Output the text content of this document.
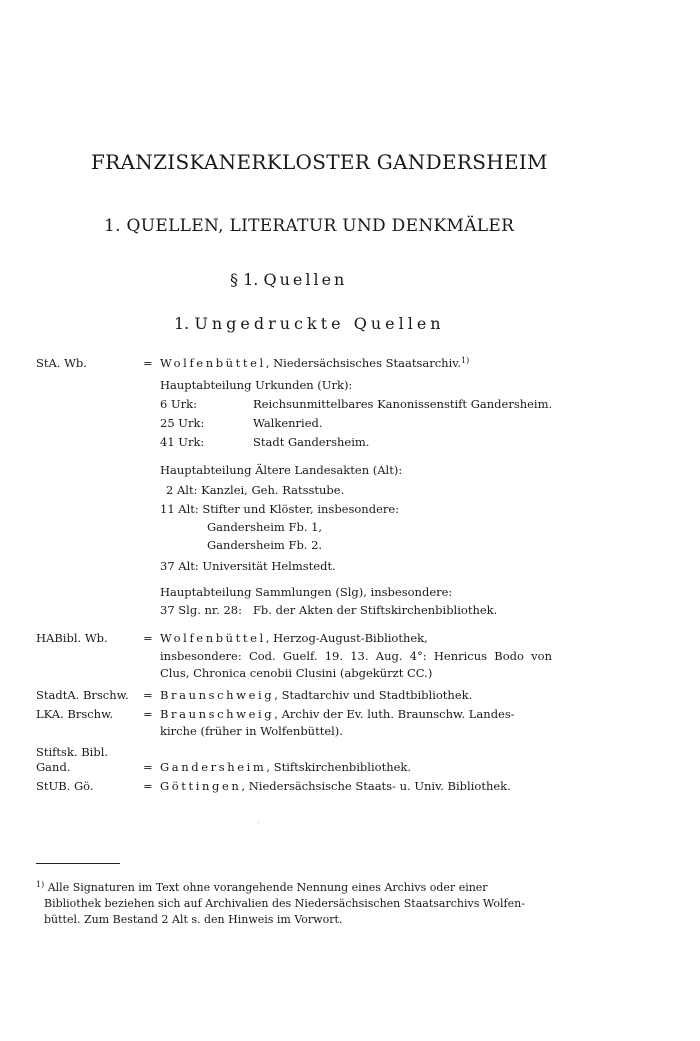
FRANZISKANERKLOSTER GANDERSHEIM
1. QUELLEN, LITERATUR UND DENKMÄLER
§ 1. Quellen
1. Ungedruckte Quellen
StA. Wb.	= Wolfenbüttel, Niedersächsisches Staatsarchiv.$^{1)}$
Hauptabteilung Urkunden (Urk):
6 Urk:	Reichsunmittelbares Kanonissenstift Gandersheim.
25 Urk:	Walkenried.
41 Urk:	Stadt Gandersheim.
Hauptabteilung Ältere Landesakten (Alt):
2 Alt: Kanzlei, Geh. Ratsstube.
11 Alt: Stifter und Klöster, insbesondere:
Gandersheim Fb. 1,
Gandersheim Fb. 2.
37 Alt: Universität Helmstedt.
Hauptabteilung Sammlungen (Slg), insbesondere:
37 Slg. nr. 28:   Fb. der Akten der Stiftskirchenbibliothek.
HABibl. Wb.	= Wolfenbüttel, Herzog-August-Bibliothek,
insbesondere: Cod. Guelf. 19. 13. Aug. 4°: Henricus Bodo von
Clus, Chronica cenobii Clusini (abgekürzt CC.)
StadtA. Brschw. = Braunschweig, Stadtarchiv und Stadtbibliothek.
LKA. Brschw.	= Braunschweig, Archiv der Ev. luth. Braunschw. Landes-
kirche (früher in Wolfenbüttel).
Stiftsk. Bibl.
Gand.	= Gandersheim, Stiftskirchenbibliothek.
StUB. Gö.	= Göttingen, Niedersächsische Staats- u. Univ. Bibliothek.
$^{1)}$ Alle Signaturen im Text ohne vorangehende Nennung eines Archivs oder einer
Bibliothek beziehen sich auf Archivalien des Niedersächsischen Staatsarchivs Wolfen-
büttel. Zum Bestand 2 Alt s. den Hinweis im Vorwort.
